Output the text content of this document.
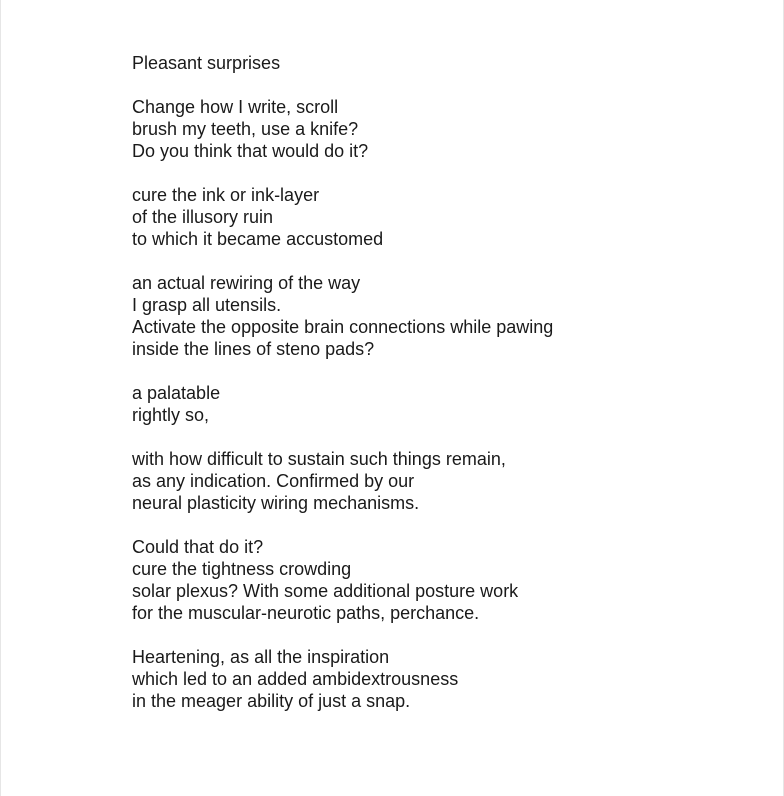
Pleasant surprises
Change how I write, scroll
brush my teeth, use a knife?
Do you think that would do it?
cure the ink or ink-layer
of the illusory ruin
to which it became accustomed
an actual rewiring of the way
I grasp all utensils.
Activate the opposite brain connections while pawing
inside the lines of steno pads?
a palatable
rightly so,
with how difficult to sustain such things remain,
as any indication. Confirmed by our
neural plasticity wiring mechanisms.
Could that do it?
cure the tightness crowding
solar plexus? With some additional posture work
for the muscular-neurotic paths, perchance.
Heartening, as all the inspiration
which led to an added ambidextrousness
in the meager ability of just a snap.
